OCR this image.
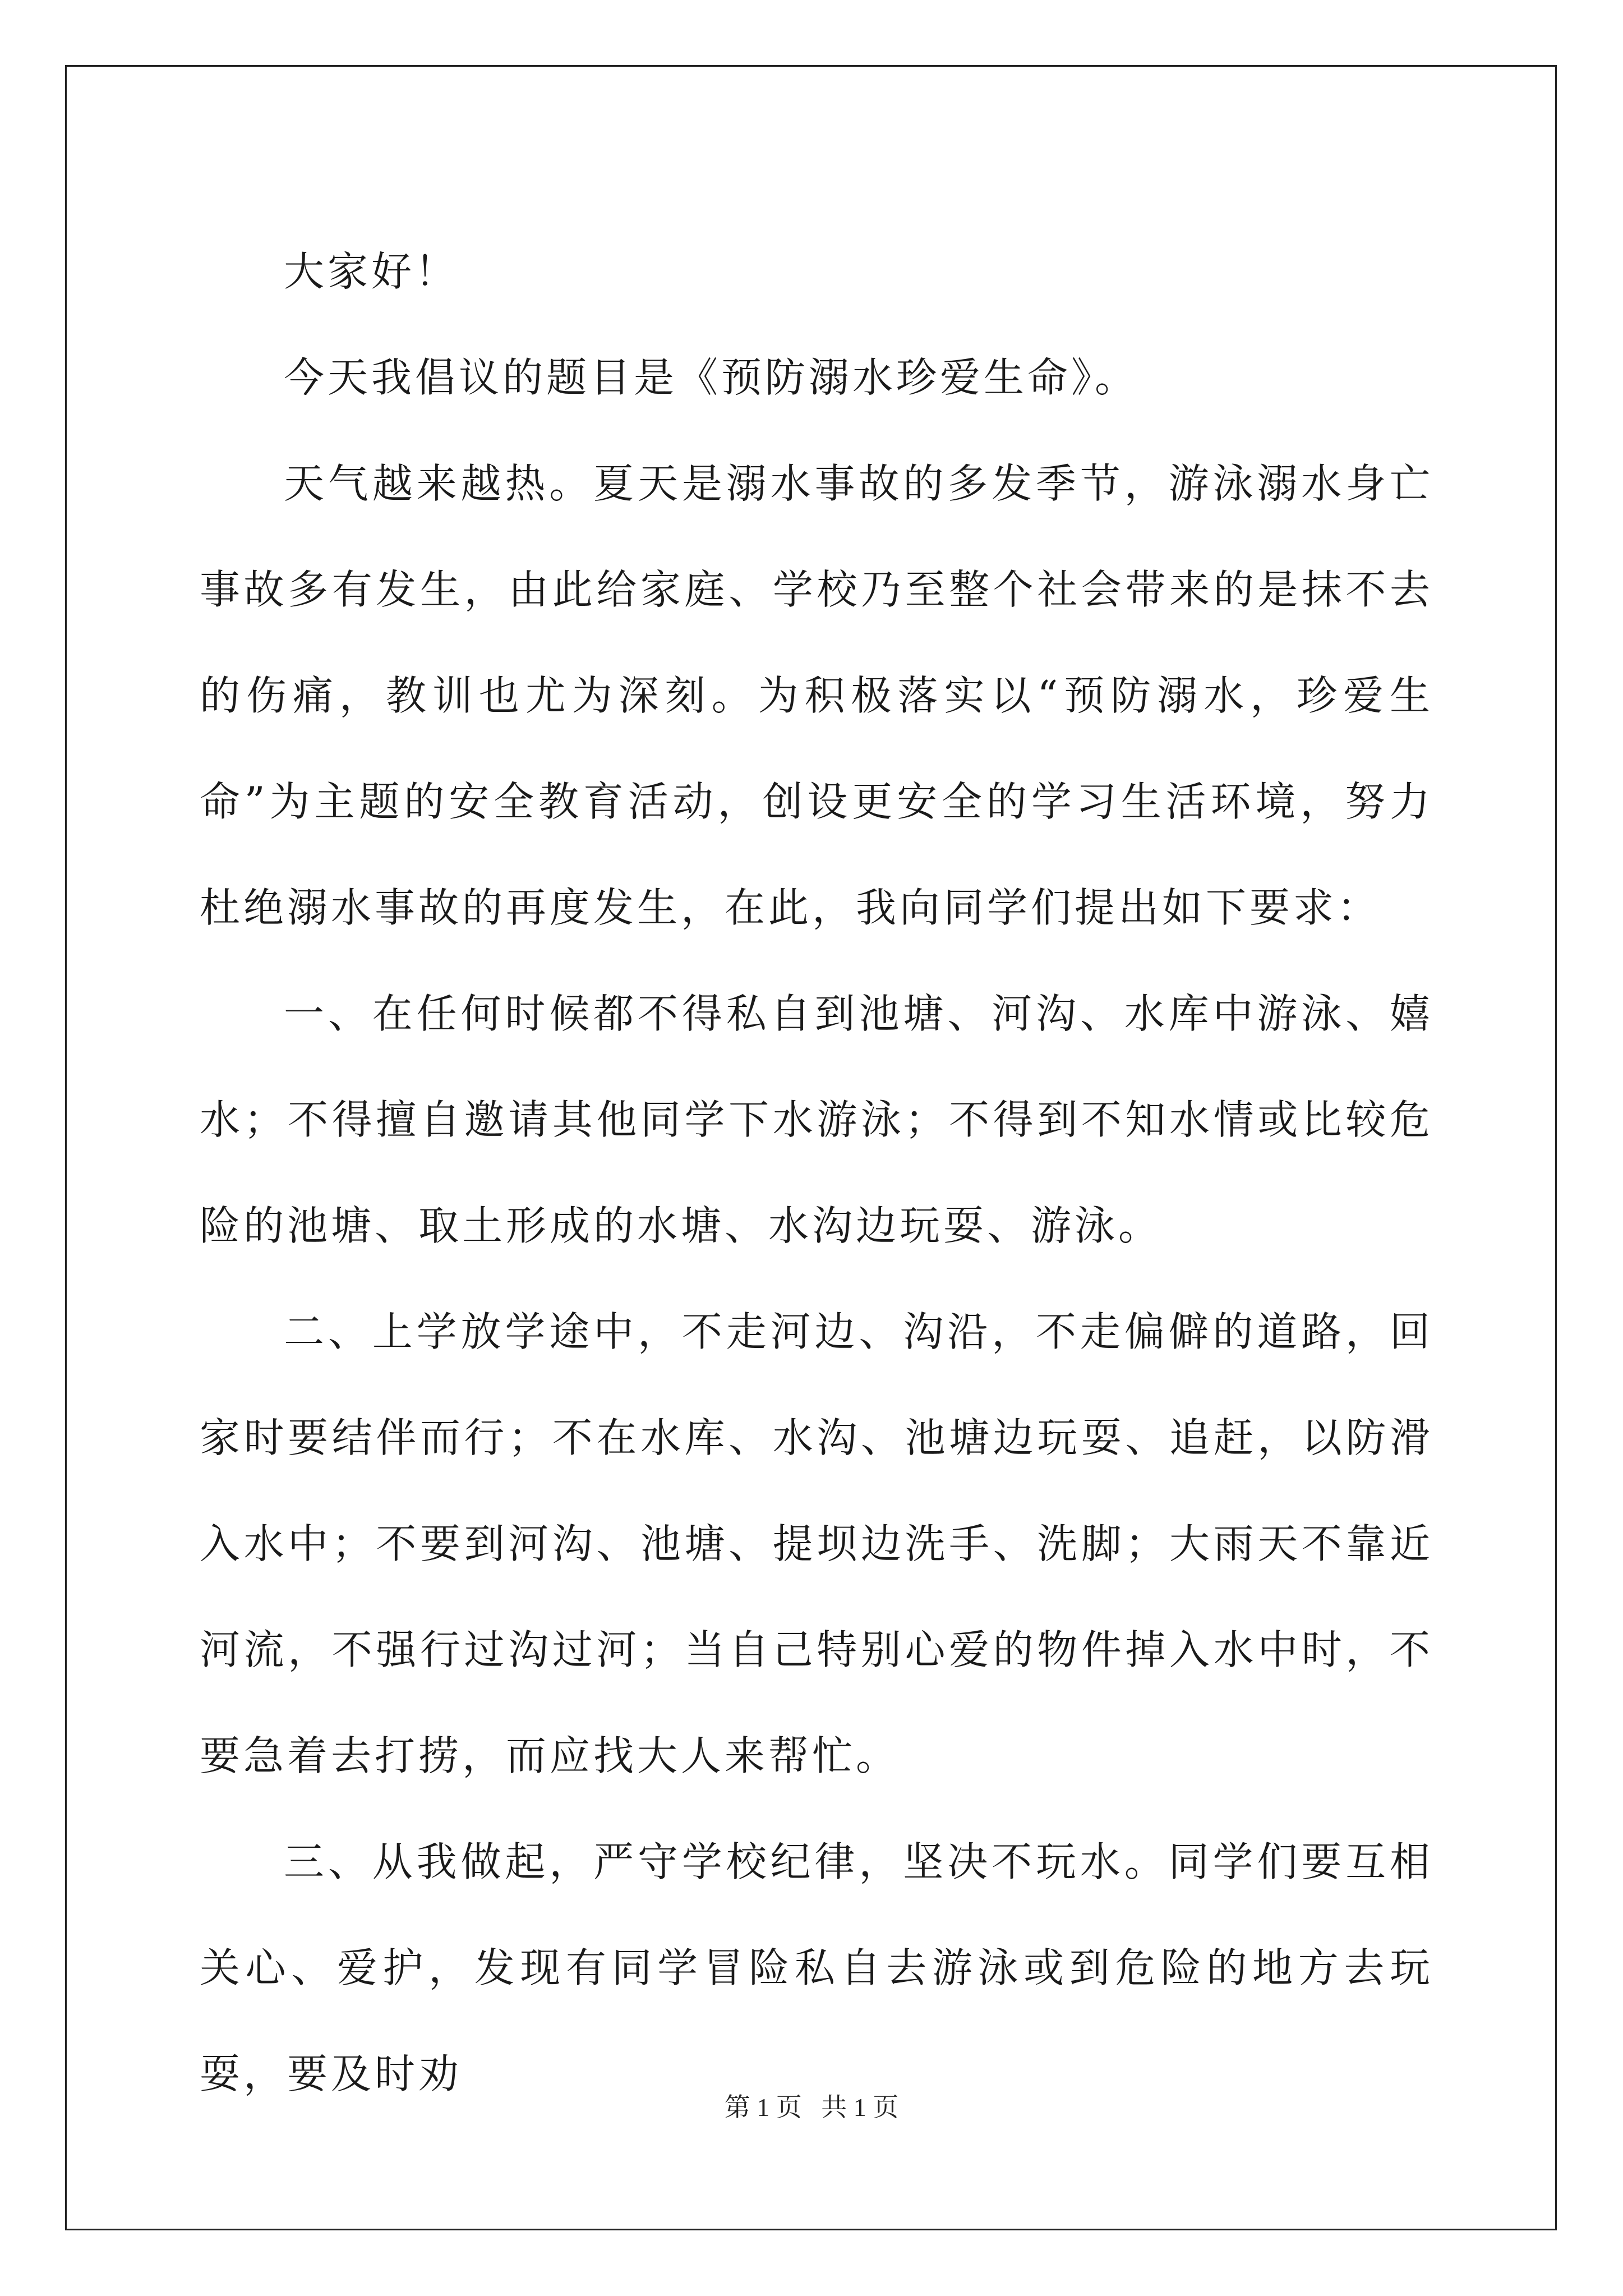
大家好！

今天我倡议的题目是《预防溺水珍爱生命》。

天气越来越热。夏天是溺水事故的多发季节，游泳溺水身亡事故多有发生，由此给家庭、学校乃至整个社会带来的是抹不去的伤痛，教训也尤为深刻。为积极落实以“预防溺水，珍爱生命”为主题的安全教育活动，创设更安全的学习生活环境，努力杜绝溺水事故的再度发生，在此，我向同学们提出如下要求：

一、在任何时候都不得私自到池塘、河沟、水库中游泳、嬉水；不得擅自邀请其他同学下水游泳；不得到不知水情或比较危险的池塘、取土形成的水塘、水沟边玩耍、游泳。

二、上学放学途中，不走河边、沟沿，不走偏僻的道路，回家时要结伴而行；不在水库、水沟、池塘边玩耍、追赶，以防滑入水中；不要到河沟、池塘、提坝边洗手、洗脚；大雨天不靠近河流，不强行过沟过河；当自己特别心爱的物件掉入水中时，不要急着去打捞，而应找大人来帮忙。

三、从我做起，严守学校纪律，坚决不玩水。同学们要互相关心、爱护，发现有同学冒险私自去游泳或到危险的地方去玩耍，要及时劝

第 1 页   共 1 页
